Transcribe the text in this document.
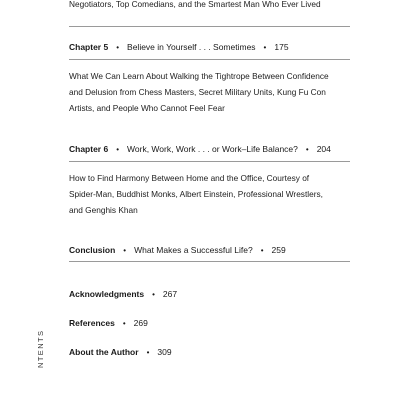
Negotiators, Top Comedians, and the Smartest Man Who Ever Lived

Chapter 5 • Believe in Yourself . . . Sometimes • 175

What We Can Learn About Walking the Tightrope Between Confidence

and Delusion from Chess Masters, Secret Military Units, Kung Fu Con

Artists, and People Who Cannot Feel Fear

Chapter 6 • Work, Work, Work . . . or Work–Life Balance? • 204

How to Find Harmony Between Home and the Office, Courtesy of

Spider-Man, Buddhist Monks, Albert Einstein, Professional Wrestlers,

and Genghis Khan

Conclusion • What Makes a Successful Life? • 259
Acknowledgments • 267
References • 269
About the Author • 309
NTENTS
